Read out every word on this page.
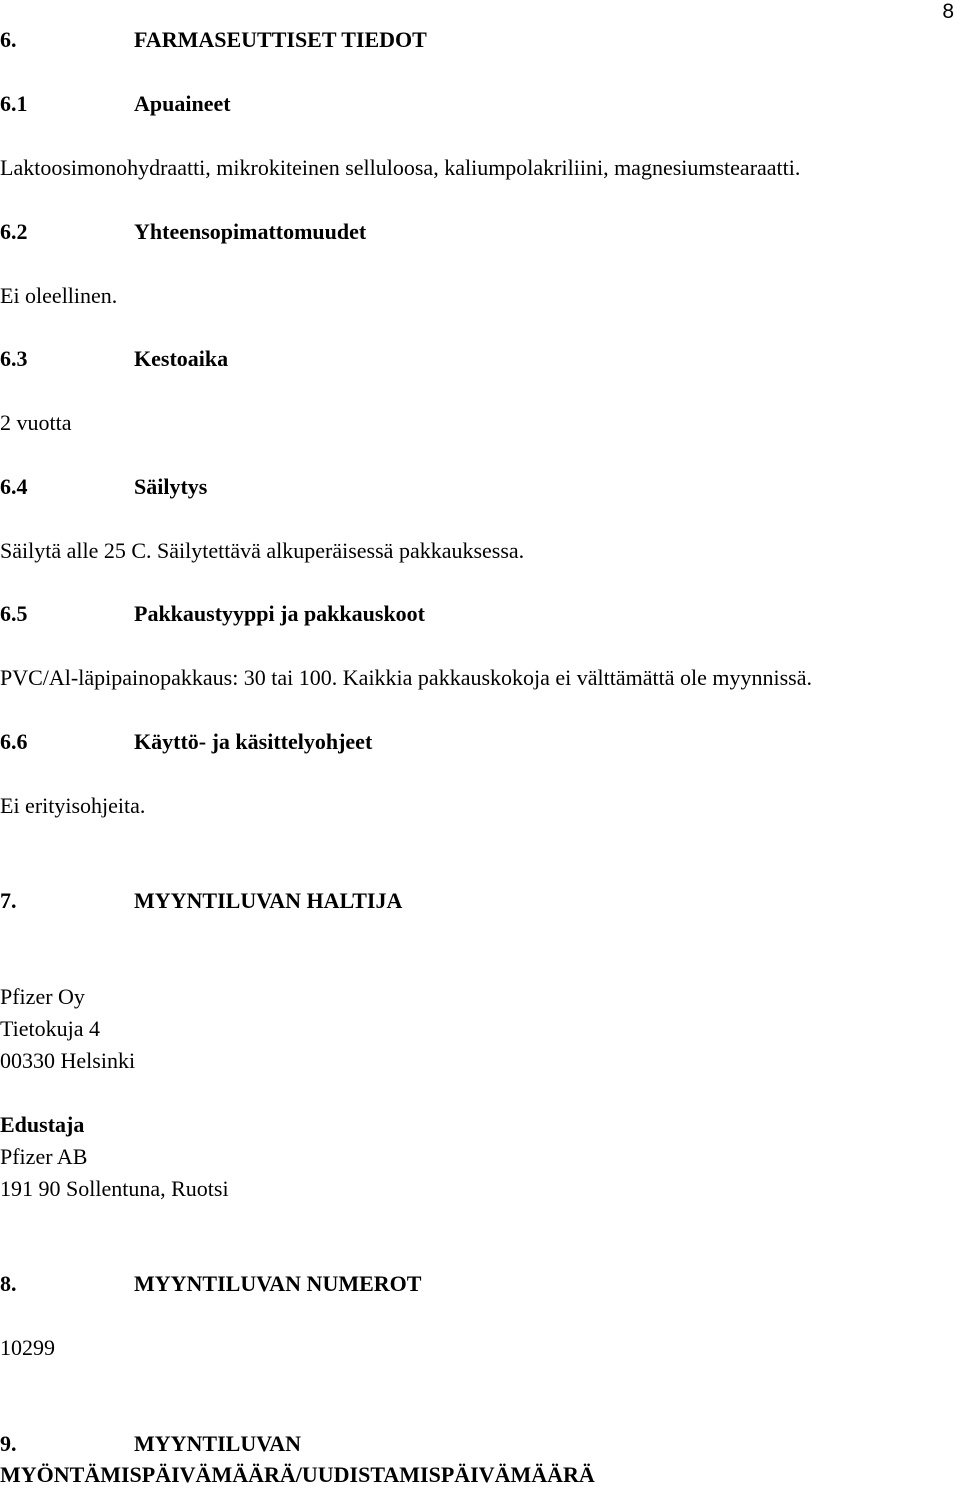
8
6.	FARMASEUTTISET TIEDOT
6.1	Apuaineet
Laktoosimonohydraatti, mikrokiteinen selluloosa, kaliumpolakriliini, magnesiumstearaatti.
6.2	Yhteensopimattomuudet
Ei oleellinen.
6.3	Kestoaika
2 vuotta
6.4	Säilytys
Säilytä alle 25 C. Säilytettävä alkuperäisessä pakkauksessa.
6.5	Pakkaustyyppi ja pakkauskoot
PVC/Al-läpipainopakkaus: 30 tai 100. Kaikkia pakkauskokoja ei välttämättä ole myynnissä.
6.6	Käyttö- ja käsittelyohjeet
Ei erityisohjeita.
7.	MYYNTILUVAN HALTIJA
Pfizer Oy
Tietokuja 4
00330 Helsinki
Edustaja
Pfizer AB
191 90 Sollentuna, Ruotsi
8.	MYYNTILUVAN NUMEROT
10299
9.	MYYNTILUVAN
MYÖNTÄMISPÄIVÄMÄÄRÄ/UUDISTAMISPÄIVÄMÄÄRÄ
